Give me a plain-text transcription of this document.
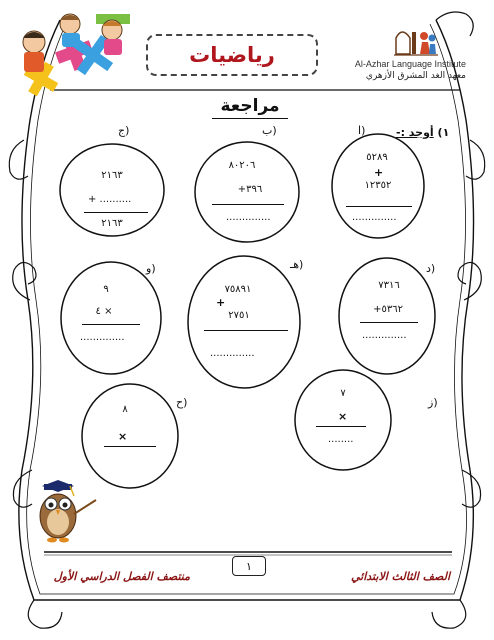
رياضيات	Al-Azhar Language Institute
معهد الغد المشرق الأزهري
مراجعة
١) أوجد :-
ا)
٥٢٨٩
+
١٢٣٥٢
..............
ب)
٨٠٢٠٦
٣٩٦+
..............
ج)
٢١٦٣
+ ..........
٢١٦٣
د)
٧٣١٦
٥٣٦٢+
..............
هـ)
٧٥٨٩١
+
٢٧٥١
..............
و)
٩
× ٤
..............
ز)
٧
×
........
ح)
٨
×
١
الصف الثالث الابتدائي
منتصف الفصل الدراسي الأول
